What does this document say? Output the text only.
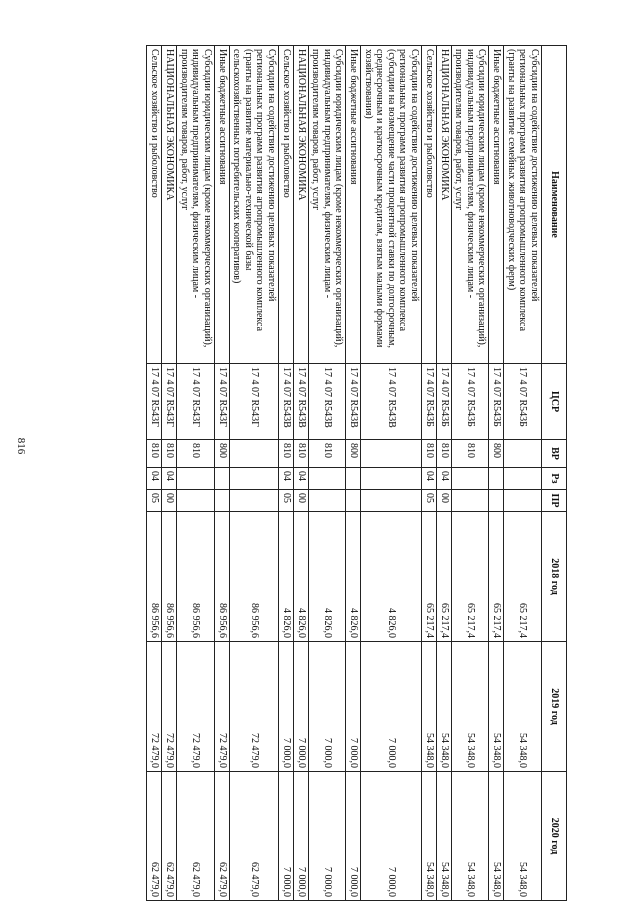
816
Наименование	ЦСР	ВР	Рз	ПР	2018 год	2019 год	2020 год
Субсидии на содействие достижению целевых показателей региональных программ развития агропромышленного комплекса (гранты на развитие семейных животноводческих ферм)	17 4 07 R543Б				65 217,4	54 348,0	54 348,0
Иные бюджетные ассигнования	17 4 07 R543Б	800			65 217,4	54 348,0	54 348,0
Субсидии юридическим лицам (кроме некоммерческих организаций), индивидуальным предпринимателям, физическим лицам - производителям товаров, работ, услуг	17 4 07 R543Б	810			65 217,4	54 348,0	54 348,0
НАЦИОНАЛЬНАЯ ЭКОНОМИКА	17 4 07 R543Б	810	04	00	65 217,4	54 348,0	54 348,0
Сельское хозяйство и рыболовство	17 4 07 R543Б	810	04	05	65 217,4	54 348,0	54 348,0
Субсидии на содействие достижению целевых показателей региональных программ развития агропромышленного комплекса (субсидии на возмещение части процентной ставки по долгосрочным, среднесрочным и краткосрочным кредитам, взятым малыми формами хозяйствования)	17 4 07 R543В				4 826,0	7 000,0	7 000,0
Иные бюджетные ассигнования	17 4 07 R543В	800			4 826,0	7 000,0	7 000,0
Субсидии юридическим лицам (кроме некоммерческих организаций), индивидуальным предпринимателям, физическим лицам - производителям товаров, работ, услуг	17 4 07 R543В	810			4 826,0	7 000,0	7 000,0
НАЦИОНАЛЬНАЯ ЭКОНОМИКА	17 4 07 R543В	810	04	00	4 826,0	7 000,0	7 000,0
Сельское хозяйство и рыболовство	17 4 07 R543В	810	04	05	4 826,0	7 000,0	7 000,0
Субсидии на содействие достижению целевых показателей региональных программ развития агропромышленного комплекса (гранты на развитие материально-технической базы сельскохозяйственных потребительских кооперативов)	17 4 07 R543Г				86 956,6	72 479,0	62 479,0
Иные бюджетные ассигнования	17 4 07 R543Г	800			86 956,6	72 479,0	62 479,0
Субсидии юридическим лицам (кроме некоммерческих организаций), индивидуальным предпринимателям, физическим лицам - производителям товаров, работ, услуг	17 4 07 R543Г	810			86 956,6	72 479,0	62 479,0
НАЦИОНАЛЬНАЯ ЭКОНОМИКА	17 4 07 R543Г	810	04	00	86 956,6	72 479,0	62 479,0
Сельское хозяйство и рыболовство	17 4 07 R543Г	810	04	05	86 956,6	72 479,0	62 479,0
